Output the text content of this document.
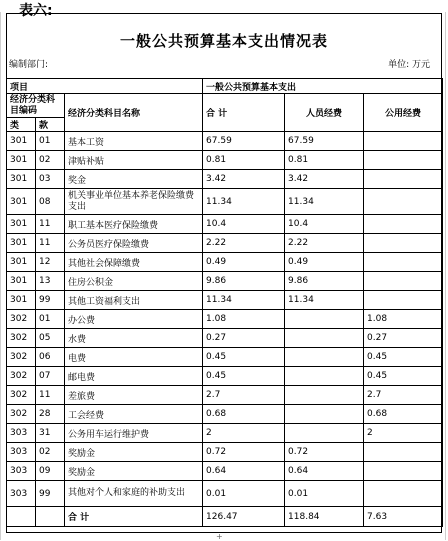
表六:
一般公共预算基本支出情况表
编制部门:	单位: 万元
项目			一般公共预算基本支出		
经济分类科目编码		经济分类科目名称	合 计	人员经费	公用经费
类	款				
301	01	基本工资	67.59	67.59	
301	02	津贴补贴	0.81	0.81	
301	03	奖金	3.42	3.42	
301	08	机关事业单位基本养老保险缴费支出	11.34	11.34	
301	11	职工基本医疗保险缴费	10.4	10.4	
301	11	公务员医疗保险缴费	2.22	2.22	
301	12	其他社会保障缴费	0.49	0.49	
301	13	住房公积金	9.86	9.86	
301	99	其他工资福利支出	11.34	11.34	
302	01	办公费	1.08		1.08
302	05	水费	0.27		0.27
302	06	电费	0.45		0.45
302	07	邮电费	0.45		0.45
302	11	差旅费	2.7		2.7
302	28	工会经费	0.68		0.68
303	31	公务用车运行维护费	2		2
303	02	奖励金	0.72	0.72	
303	09	奖励金	0.64	0.64	
303	99	其他对个人和家庭的补助支出	0.01	0.01	
		合 计	126.47	118.84	7.63
+
